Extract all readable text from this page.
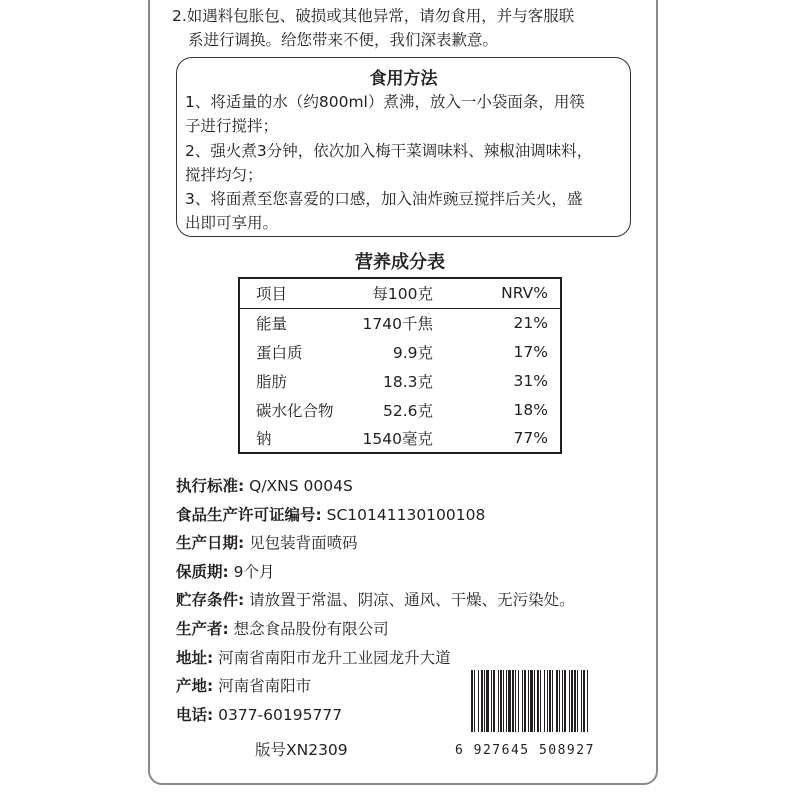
2.如遇料包胀包、破损或其他异常，请勿食用，并与客服联
系进行调换。给您带来不便，我们深表歉意。
食用方法
1、将适量的水（约800ml）煮沸，放入一小袋面条，用筷
子进行搅拌；
2、强火煮3分钟，依次加入梅干菜调味料、辣椒油调味料，
搅拌均匀；
3、将面煮至您喜爱的口感，加入油炸豌豆搅拌后关火，盛
出即可享用。
营养成分表
项目	每100克	NRV%
能量	1740千焦	21%
蛋白质	9.9克	17%
脂肪	18.3克	31%
碳水化合物	52.6克	18%
钠	1540毫克	77%
执行标准: Q/XNS 0004S
食品生产许可证编号: SC10141130100108
生产日期: 见包装背面喷码
保质期: 9个月
贮存条件: 请放置于常温、阴凉、通风、干燥、无污染处。
生产者: 想念食品股份有限公司
地址: 河南省南阳市龙升工业园龙升大道
产地: 河南省南阳市
电话: 0377-60195777
版号XN2309	6 927645 508927
